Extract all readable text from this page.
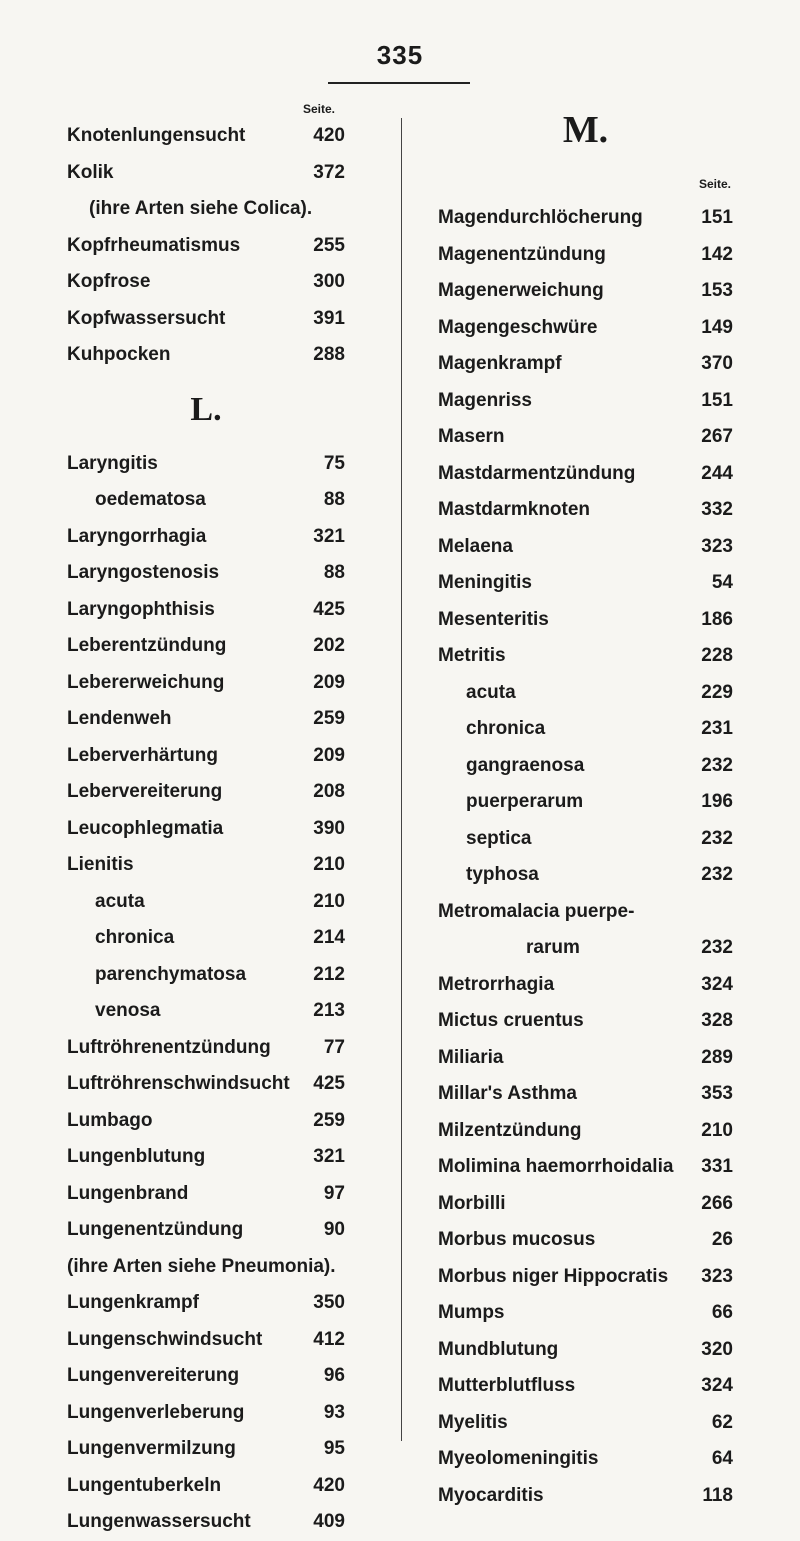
335
Seite.
Knotenlungensucht	420
Kolik	372
(ihre Arten siehe Colica).
Kopfrheumatismus	255
Kopfrose	300
Kopfwassersucht	391
Kuhpocken	288
L.
Laryngitis	75
oedematosa	88
Laryngorrhagia	321
Laryngostenosis	88
Laryngophthisis	425
Leberentzündung	202
Lebererweichung	209
Lendenweh	259
Leberverhärtung	209
Lebervereiterung	208
Leucophlegmatia	390
Lienitis	210
acuta	210
chronica	214
parenchymatosa	212
venosa	213
Luftröhrenentzündung	77
Luftröhrenschwindsucht 425
Lumbago	259
Lungenblutung	321
Lungenbrand	97
Lungenentzündung	90
(ihre Arten siehe Pneumonia).
Lungenkrampf	350
Lungenschwindsucht	412
Lungenvereiterung	96
Lungenverleberung	93
Lungenvermilzung	95
Lungentuberkeln	420
Lungenwassersucht	409
M.
Seite.
Magendurchlöcherung	151
Magenentzündung	142
Magenerweichung	153
Magengeschwüre	149
Magenkrampf	370
Magenriss	151
Masern	267
Mastdarmentzündung	244
Mastdarmknoten	332
Melaena	323
Meningitis	54
Mesenteritis	186
Metritis	228
acuta	229
chronica	231
gangraenosa	232
puerperarum	196
septica	232
typhosa	232
Metromalacia puerpe-
rarum	232
Metrorrhagia	324
Mictus cruentus	328
Miliaria	289
Millar's Asthma	353
Milzentzündung	210
Molimina haemorrhoidalia 331
Morbilli	266
Morbus mucosus	26
Morbus niger Hippocratis 323
Mumps	66
Mundblutung	320
Mutterblutfluss	324
Myelitis	62
Myeolomeningitis	64
Myocarditis	118
